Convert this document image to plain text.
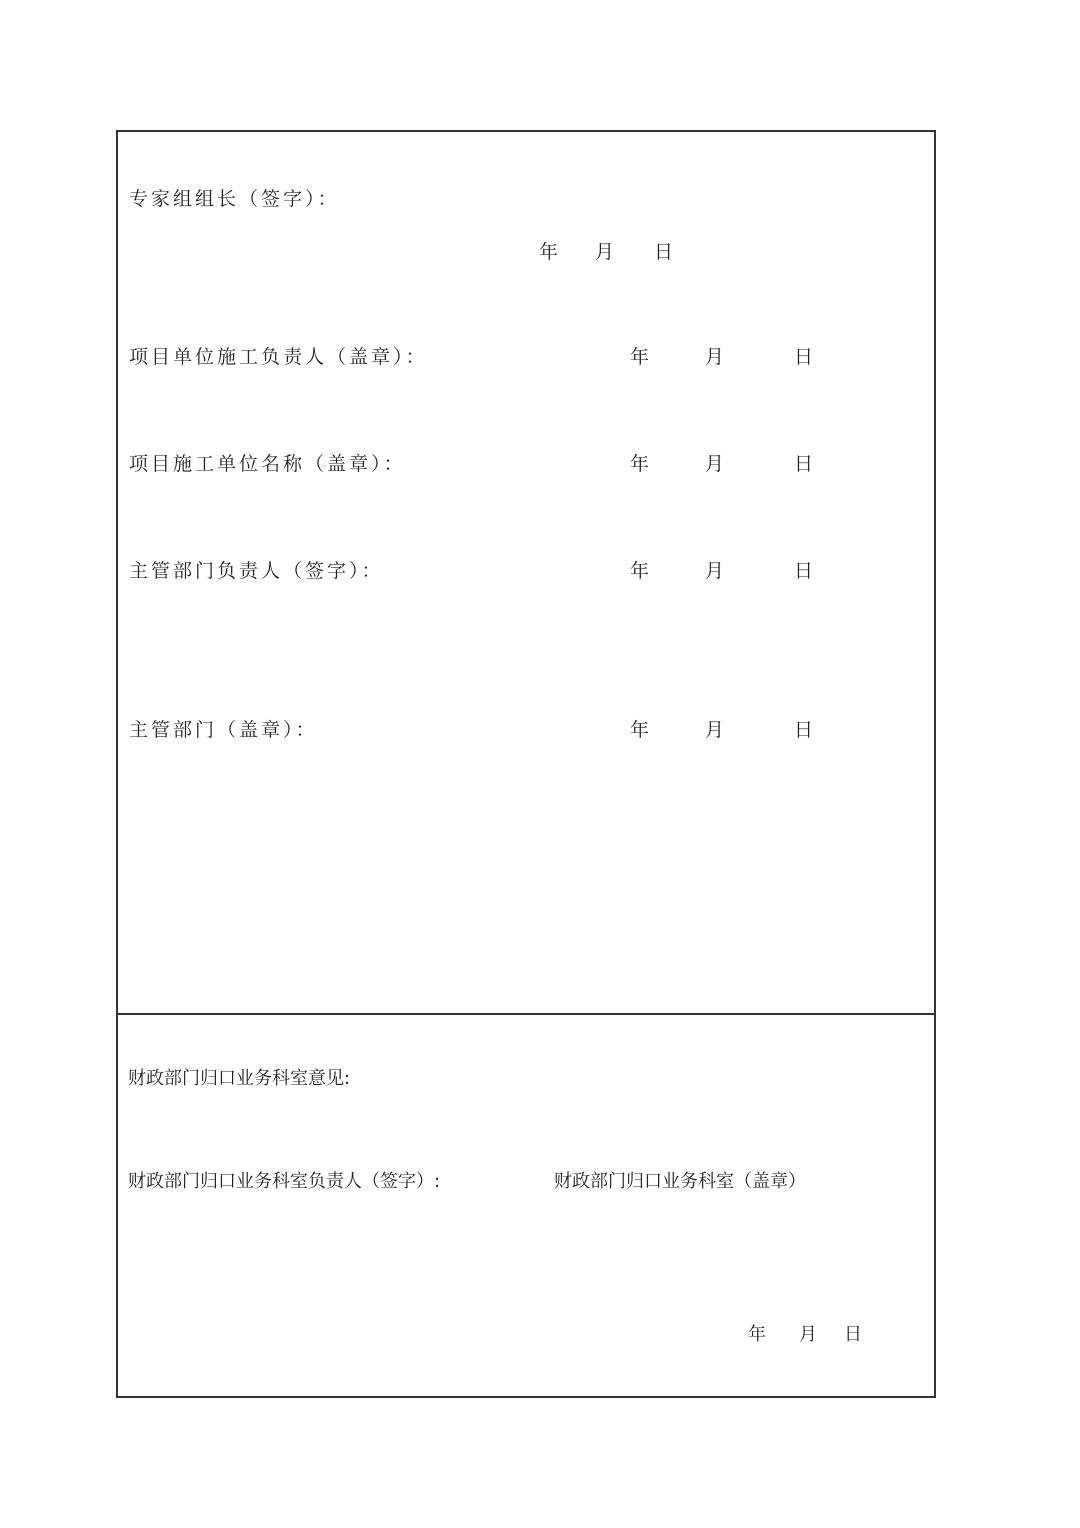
专家组组长（签字）：
年 月 日
项目单位施工负责人（盖章）：	年	月	日
项目施工单位名称（盖章）：	年	月	日
主管部门负责人（签字）：	年	月	日
主管部门（盖章）：	年	月	日
财政部门归口业务科室意见:
财政部门归口业务科室负责人（签字）:	财政部门归口业务科室（盖章）
年 月 日
